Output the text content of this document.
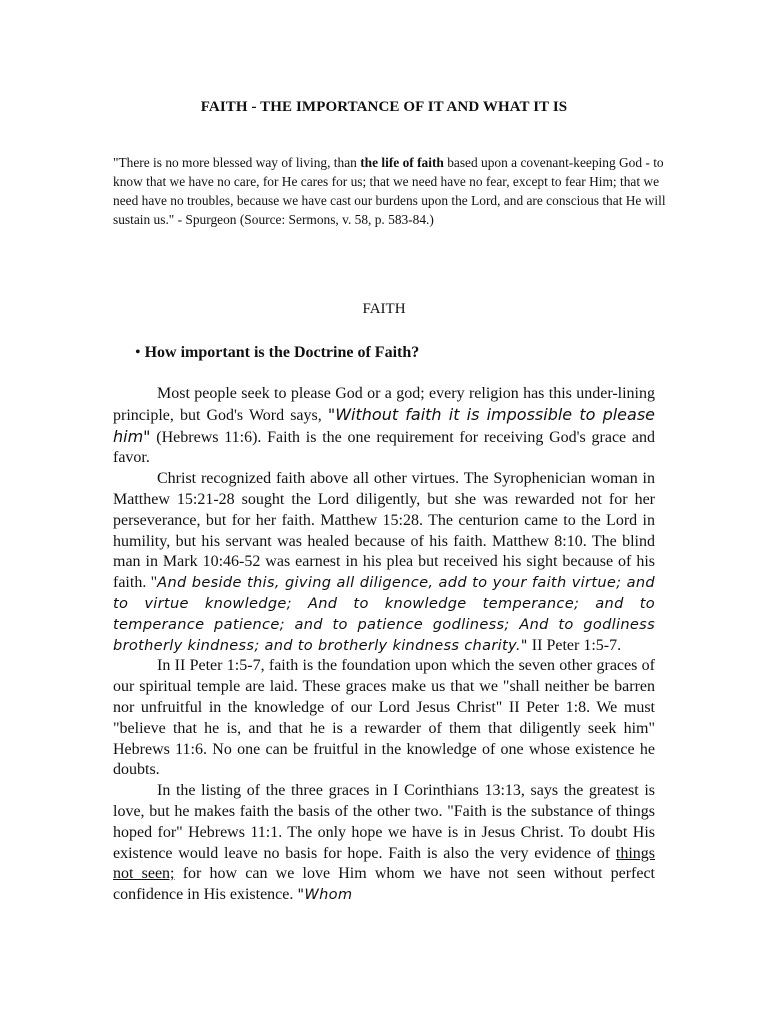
FAITH - THE IMPORTANCE OF IT AND WHAT IT IS
"There is no more blessed way of living, than the life of faith based upon a covenant-keeping God - to know that we have no care, for He cares for us; that we need have no fear, except to fear Him; that we need have no troubles, because we have cast our burdens upon the Lord, and are conscious that He will sustain us." - Spurgeon (Source: Sermons, v. 58, p. 583-84.)
FAITH
• How important is the Doctrine of Faith?

Most people seek to please God or a god; every religion has this under-lining principle, but God's Word says, "Without faith it is impossible to please him" (Hebrews 11:6). Faith is the one requirement for receiving God's grace and favor.

Christ recognized faith above all other virtues. The Syrophenician woman in Matthew 15:21-28 sought the Lord diligently, but she was rewarded not for her perseverance, but for her faith. Matthew 15:28. The centurion came to the Lord in humility, but his servant was healed because of his faith. Matthew 8:10. The blind man in Mark 10:46-52 was earnest in his plea but received his sight because of his faith. "And beside this, giving all diligence, add to your faith virtue; and to virtue knowledge; And to knowledge temperance; and to temperance patience; and to patience godliness; And to godliness brotherly kindness; and to brotherly kindness charity." II Peter 1:5-7.

In II Peter 1:5-7, faith is the foundation upon which the seven other graces of our spiritual temple are laid. These graces make us that we "shall neither be barren nor unfruitful in the knowledge of our Lord Jesus Christ" II Peter 1:8. We must "believe that he is, and that he is a rewarder of them that diligently seek him" Hebrews 11:6. No one can be fruitful in the knowledge of one whose existence he doubts.

In the listing of the three graces in I Corinthians 13:13, says the greatest is love, but he makes faith the basis of the other two. "Faith is the substance of things hoped for" Hebrews 11:1. The only hope we have is in Jesus Christ. To doubt His existence would leave no basis for hope. Faith is also the very evidence of things not seen; for how can we love Him whom we have not seen without perfect confidence in His existence. "Whom
